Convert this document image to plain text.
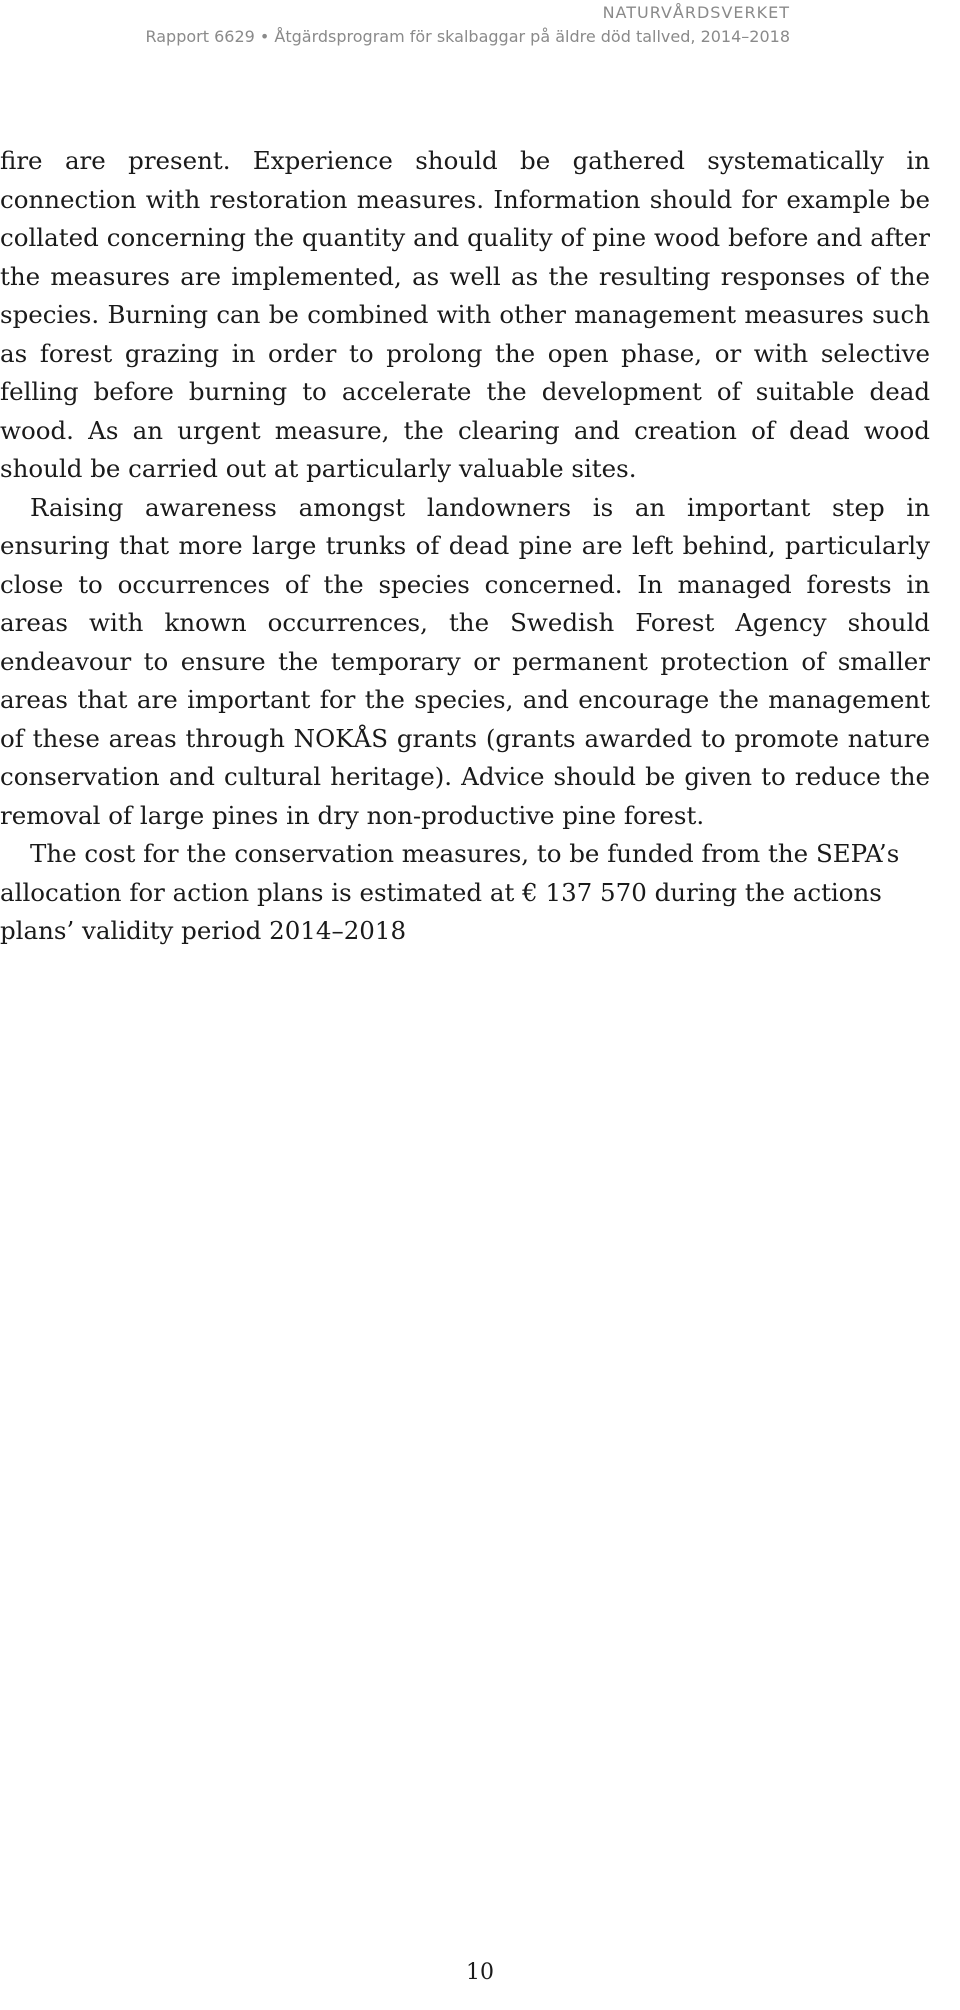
NATURVÅRDSVERKET
Rapport 6629 • Åtgärdsprogram för skalbaggar på äldre död tallved, 2014–2018

fire are present. Experience should be gathered systematically in connection with restoration measures. Information should for example be collated concerning the quantity and quality of pine wood before and after the measures are implemented, as well as the resulting responses of the species. Burning can be combined with other management measures such as forest grazing in order to prolong the open phase, or with selective felling before burning to accelerate the development of suitable dead wood. As an urgent measure, the clearing and creation of dead wood should be carried out at particularly valuable sites.

Raising awareness amongst landowners is an important step in ensuring that more large trunks of dead pine are left behind, particularly close to occurrences of the species concerned. In managed forests in areas with known occurrences, the Swedish Forest Agency should endeavour to ensure the temporary or permanent protection of smaller areas that are important for the species, and encourage the management of these areas through NOKÅS grants (grants awarded to promote nature conservation and cultural heritage). Advice should be given to reduce the removal of large pines in dry non-productive pine forest.

The cost for the conservation measures, to be funded from the SEPA’s allocation for action plans is estimated at € 137 570 during the actions plans’ validity period 2014–2018

10
